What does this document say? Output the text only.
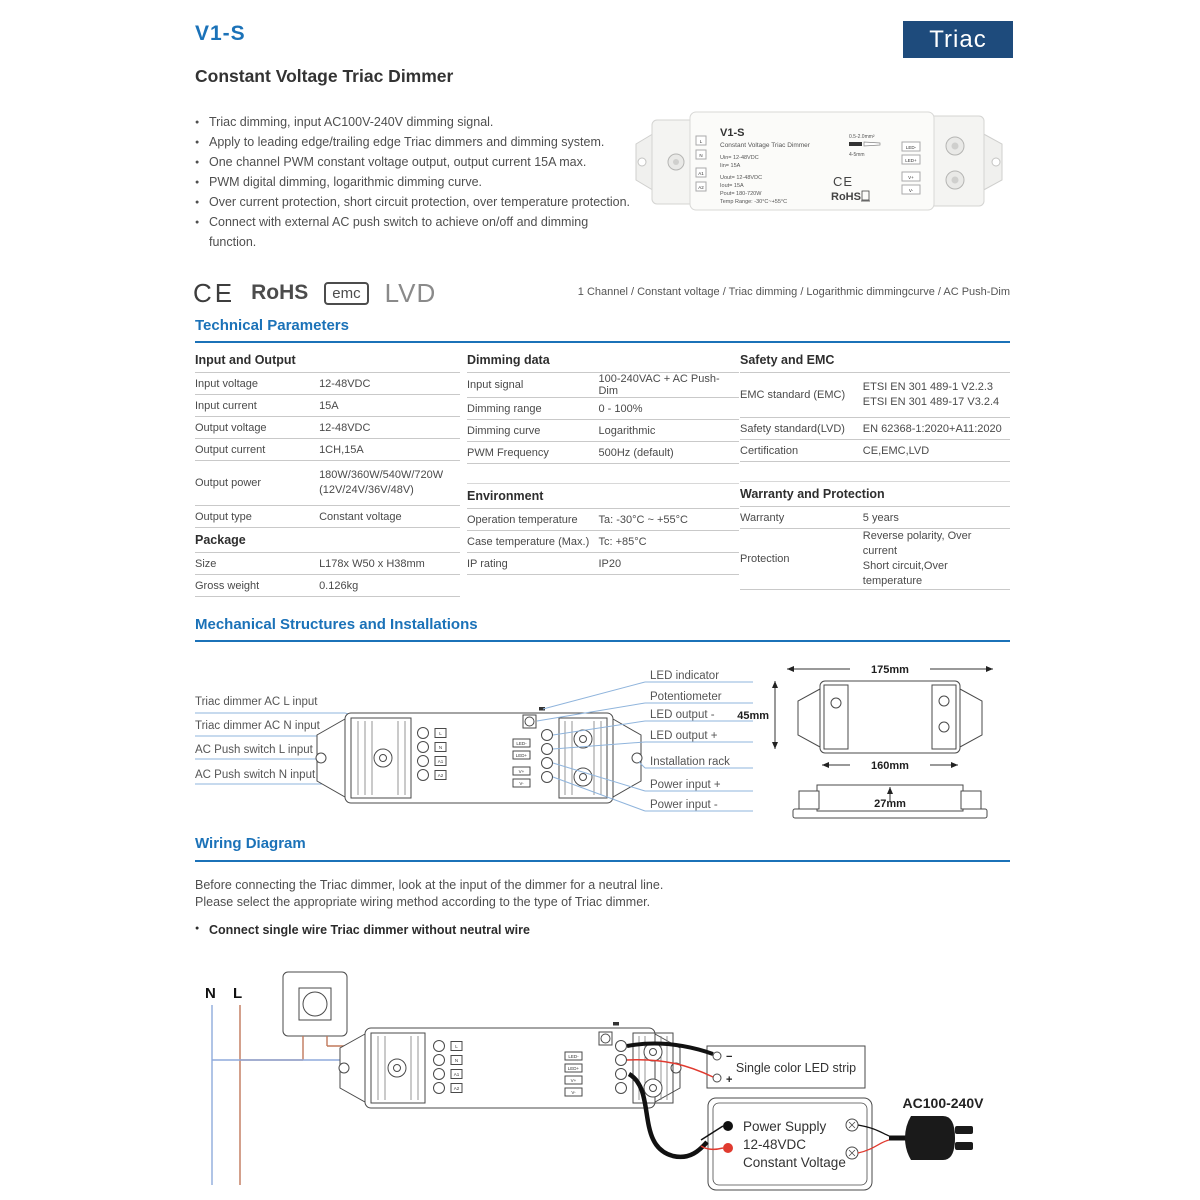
V1-S	Triac
Constant Voltage Triac Dimmer
● Triac dimming, input AC100V-240V dimming signal.
● Apply to leading edge/trailing edge Triac dimmers and dimming system.
● One channel PWM constant voltage output, output current 15A max.
● PWM digital dimming, logarithmic dimming curve.
● Over current protection, short circuit protection, over temperature protection.
● Connect with external AC push switch to achieve on/off and dimming function.
L
N
A1
A2
LED-
LED+
V+
V-
V1-S
Constant Voltage Triac Dimmer
Uin= 12-48VDC
Iin= 15A
Uout= 12-48VDC
Iout= 15A
Pout= 180-720W
Temp Range: -30°C~+55°C
0.5-2.0mm²
4-5mm
CE
RoHS
CE RoHS	emc LVD	1 Channel / Constant voltage / Triac dimming / Logarithmic dimmingcurve / AC Push-Dim
Technical Parameters
Input and Output
Input voltage	12-48VDC
Input current	15A
Output voltage	12-48VDC
Output current	1CH,15A
Output power
180W/360W/540W/720W
(12V/24V/36V/48V)
Output type	Constant voltage
Package
Size	L178x W50 x H38mm
Gross weight	0.126kg
Dimming data
Input signal	100-240VAC + AC Push-Dim
Dimming range	0 - 100%
Dimming curve	Logarithmic
PWM Frequency	500Hz (default)
Environment
Operation temperature	Ta: -30°C ~ +55°C
Case temperature (Max.) Tc: +85°C
IP rating	IP20
Safety and EMC
EMC standard (EMC)
ETSI EN 301 489-1 V2.2.3
ETSI EN 301 489-17 V3.2.4
Safety standard(LVD)	EN 62368-1:2020+A11:2020
Certification	CE,EMC,LVD
Warranty and Protection
Warranty	5 years
Protection
Reverse polarity, Over current
Short circuit,Over temperature
Mechanical Structures and Installations
Triac dimmer AC L input
Triac dimmer AC N input
AC Push switch L input
AC Push switch N input
L
N
A1
A2
LED-
LED+
V+
V-
LED indicator
Potentiometer
LED output -
LED output +
Installation rack
Power input +
Power input -
175mm
45mm
160mm
27mm
Wiring Diagram
Before connecting the Triac dimmer, look at the input of the dimmer for a neutral line.
Please select the appropriate wiring method according to the type of Triac dimmer.
● Connect single wire Triac dimmer without neutral wire
N L
L
N
A1
A2
LED-
LED+
V+
V-
−
+
Single color LED strip
Power Supply
12-48VDC
Constant Voltage
AC100-240V
